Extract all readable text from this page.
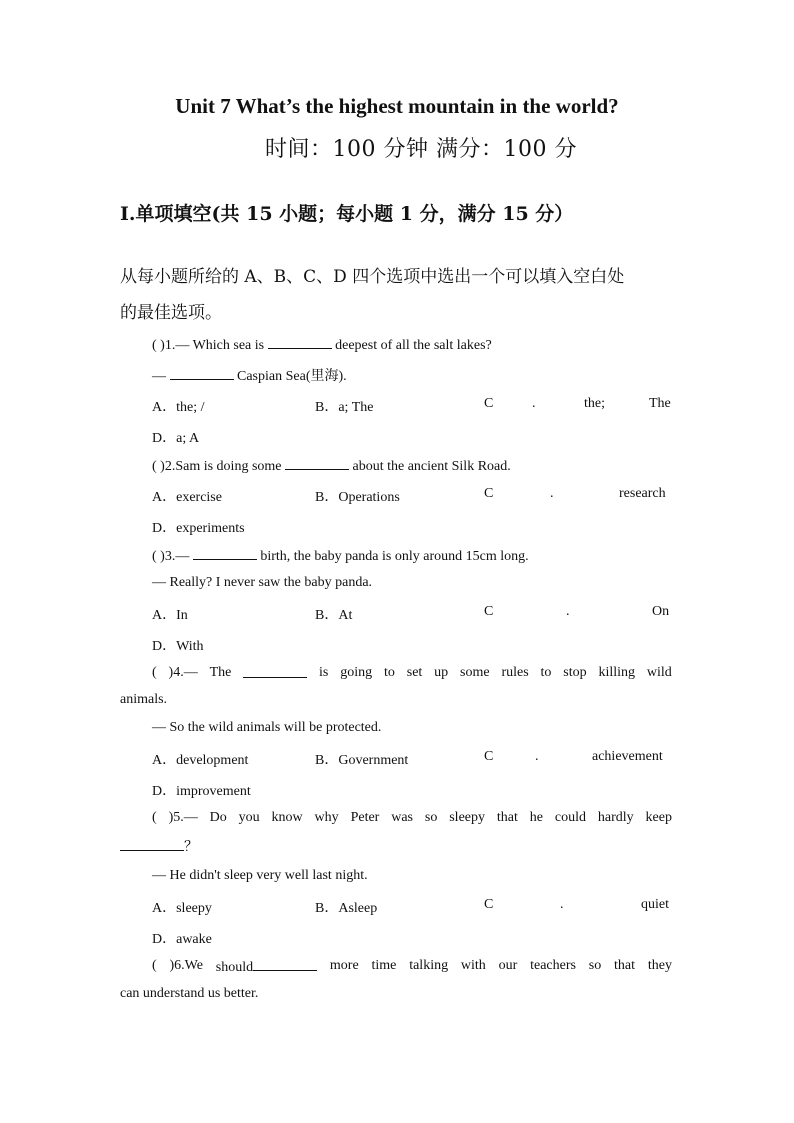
Unit 7 What’s the highest mountain in the world?
时间：100 分钟 满分：100 分
Ⅰ.单项填空(共 15 小题；每小题 1 分，满分 15 分）
从每小题所给的 A、B、C、D 四个选项中选出一个可以填入空白处
的最佳选项。
( )1.— Which sea is	deepest of all the salt lakes?
—	Caspian Sea(里海).
A．the; /	B．a; The	C	.	the;	The
D．a; A
( )2.Sam is doing some	about the ancient Silk Road.
A．exercise	B．Operations	C	.	research
D．experiments
( )3.—	birth, the baby panda is only around 15cm long.
— Really? I never saw the baby panda.
A．In	B．At	C	.	On
D．With
( )4.— The	is going to set up some rules to stop killing wild
animals.
— So the wild animals will be protected.
A．development	B．Government	C	.	achievement
D．improvement
( )5.— Do you know why Peter was so sleepy that he could hardly keep
？
— He didn't sleep very well last night.
A．sleepy	B．Asleep	C	.	quiet
D．awake
( )6.We should	more time talking with our teachers so that they
can understand us better.
